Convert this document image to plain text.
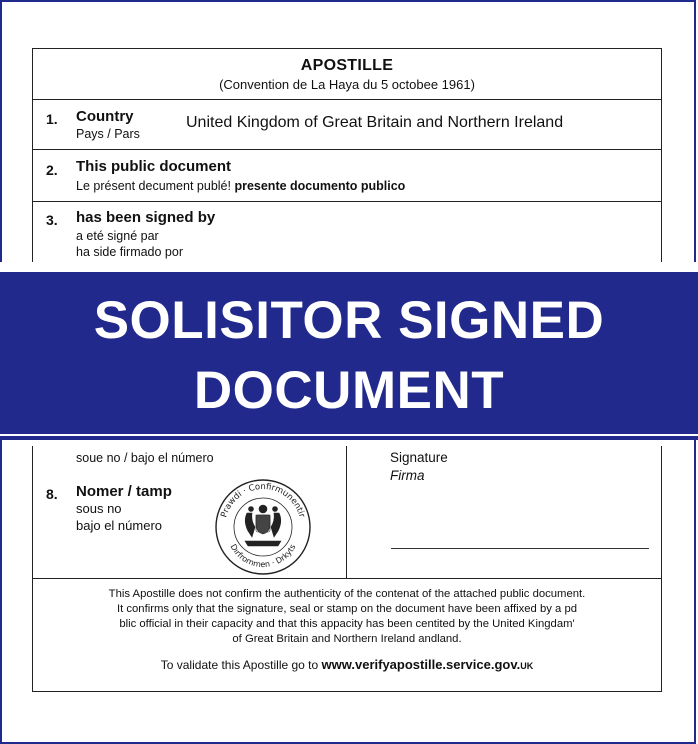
APOSTILLE
(Convention de La Haya du 5 octobee 1961)
1. Country
Pays / Pars
United Kingdom of Great Britain and Northern Ireland
2. This public document
Le présent decument publé! presente documento publico
3. has been signed by
a eté signé par
ha side firmado por
SOLISITOR SIGNED
DOCUMENT
soue no / bajo el número	Signature
Firma
8. Nomer / tamp
sous no
bajo el número
Prawdi · Confirmunentir
Dırfrоmmen · Drkyts
This Apostille does not confirm the authenticity of the contenat of the attached public document.
It confirms only that the signature, seal or stamp on the document have been affixed by a pd
blic official in their capacity and that this appacity has been centited by the United Kingdam'
of Great Britain and Northern Ireland andland.
To validate this Apostille go to www.verifyapostille.service.gov.UK
